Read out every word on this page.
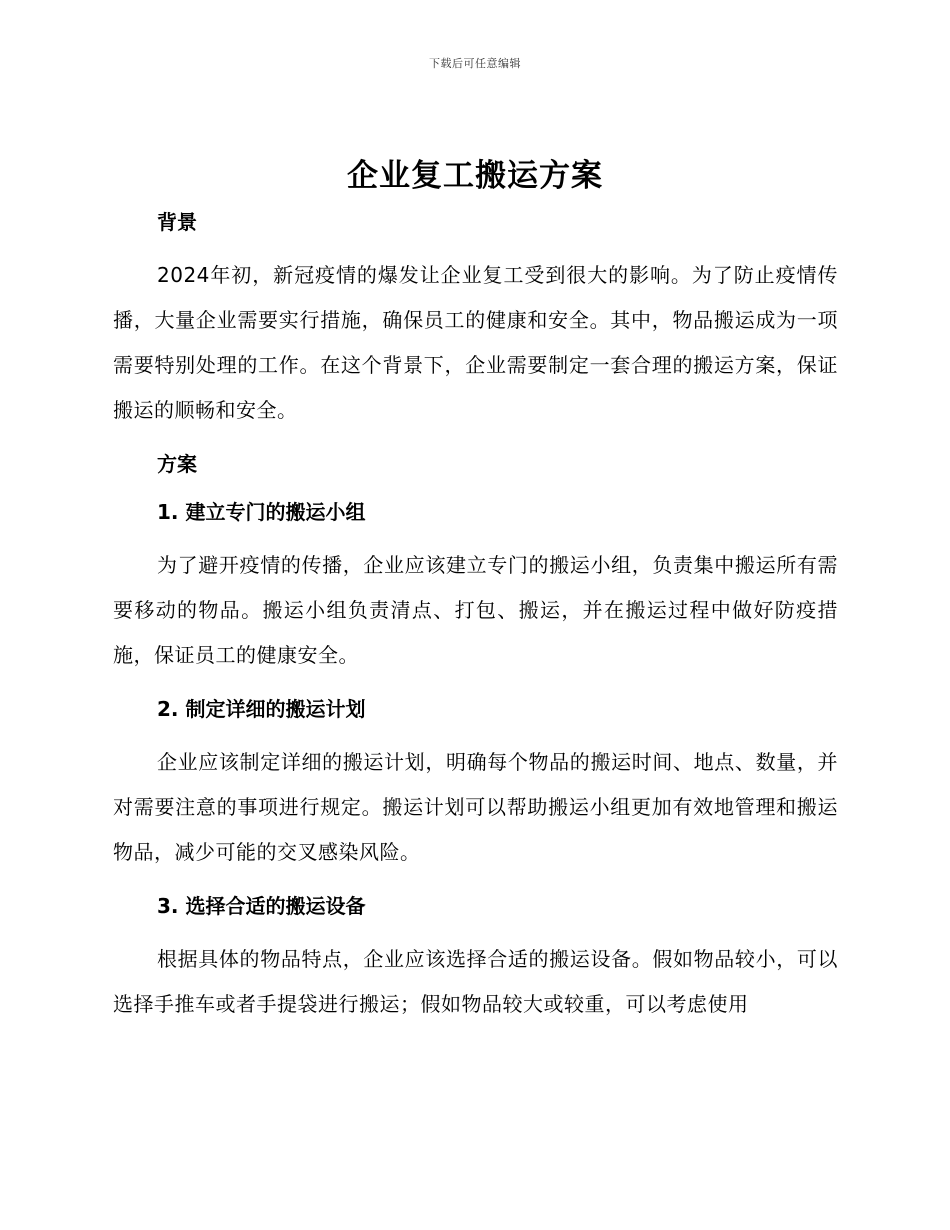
下载后可任意编辑
企业复工搬运方案
背景

2024年初，新冠疫情的爆发让企业复工受到很大的影响。为了防止疫情传播，大量企业需要实行措施，确保员工的健康和安全。其中，物品搬运成为一项需要特别处理的工作。在这个背景下，企业需要制定一套合理的搬运方案，保证搬运的顺畅和安全。

方案
1. 建立专门的搬运小组

为了避开疫情的传播，企业应该建立专门的搬运小组，负责集中搬运所有需要移动的物品。搬运小组负责清点、打包、搬运，并在搬运过程中做好防疫措施，保证员工的健康安全。

2. 制定详细的搬运计划

企业应该制定详细的搬运计划，明确每个物品的搬运时间、地点、数量，并对需要注意的事项进行规定。搬运计划可以帮助搬运小组更加有效地管理和搬运物品，减少可能的交叉感染风险。

3. 选择合适的搬运设备

根据具体的物品特点，企业应该选择合适的搬运设备。假如物品较小，可以选择手推车或者手提袋进行搬运；假如物品较大或较重，可以考虑使用
